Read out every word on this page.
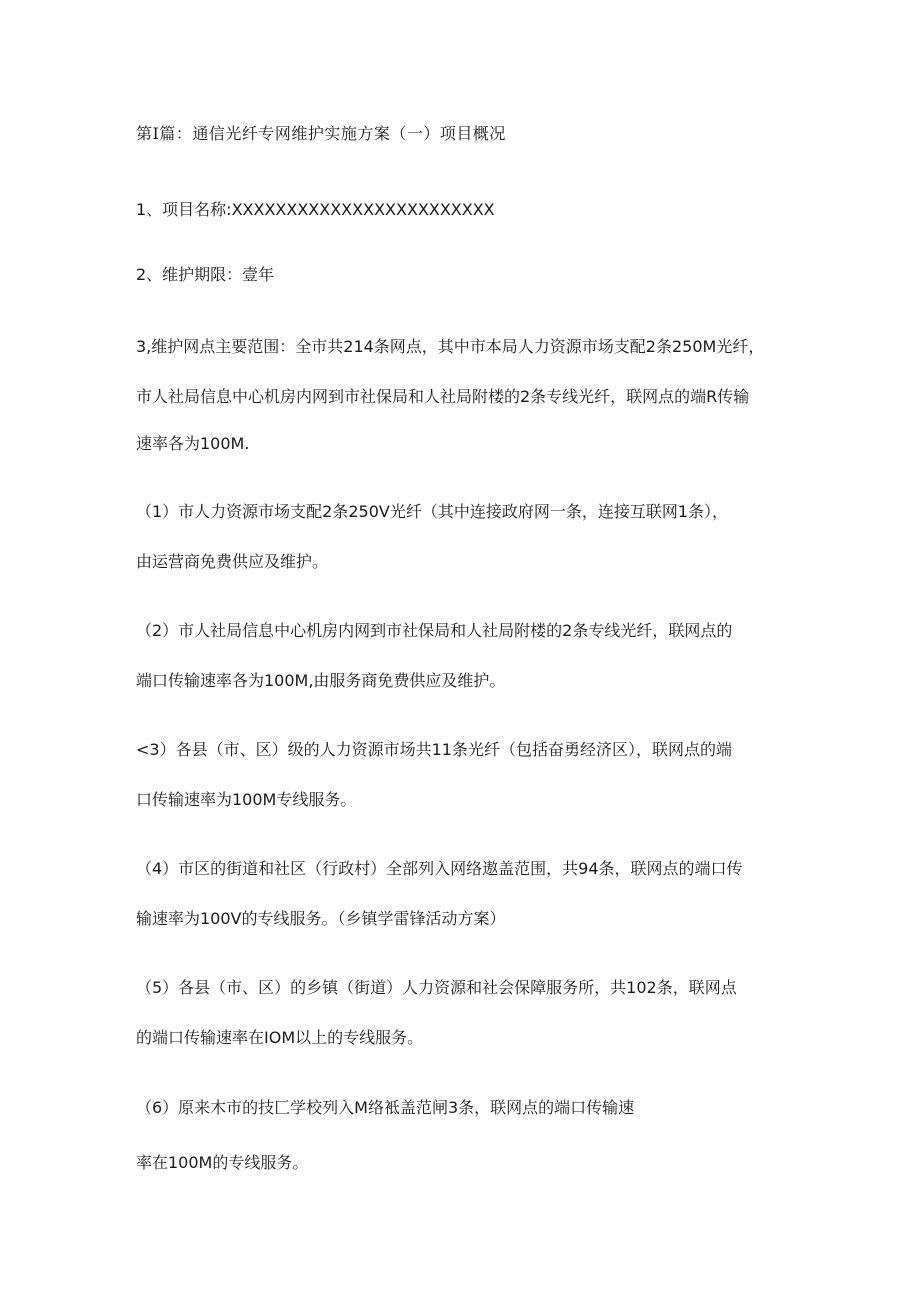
第Ⅰ篇：通信光纤专网维护实施方案（一）项目概况
1、项目名称:XXXXXXXXXXXXXXXXXXXXXXXX
2、维护期限：壹年
3,维护网点主要范围：全市共214条网点，其中市本局人力资源市场支配2条250M光纤，
市人社局信息中心机房内网到市社保局和人社局附楼的2条专线光纤，联网点的端R传输
速率各为100M.
（1）市人力资源市场支配2条250V光纤（其中连接政府网一条，连接互联网1条），
由运营商免费供应及维护。
（2）市人社局信息中心机房内网到市社保局和人社局附楼的2条专线光纤，联网点的
端口传输速率各为100M,由服务商免费供应及维护。
<3）各县（市、区）级的人力资源市场共11条光纤（包括奋勇经济区），联网点的端
口传输速率为100M专线服务。
（4）市区的街道和社区（行政村）全部列入网络遨盖范围，共94条，联网点的端口传
输速率为100V的专线服务。（乡镇学雷锋活动方案）
（5）各县（市、区）的乡镇（街道）人力资源和社会保障服务所，共102条，联网点
的端口传输速率在IOM以上的专线服务。
（6）原来木市的技匚学校列入M络袛盖范闸3条，联网点的端口传输速
率在100M的专线服务。
